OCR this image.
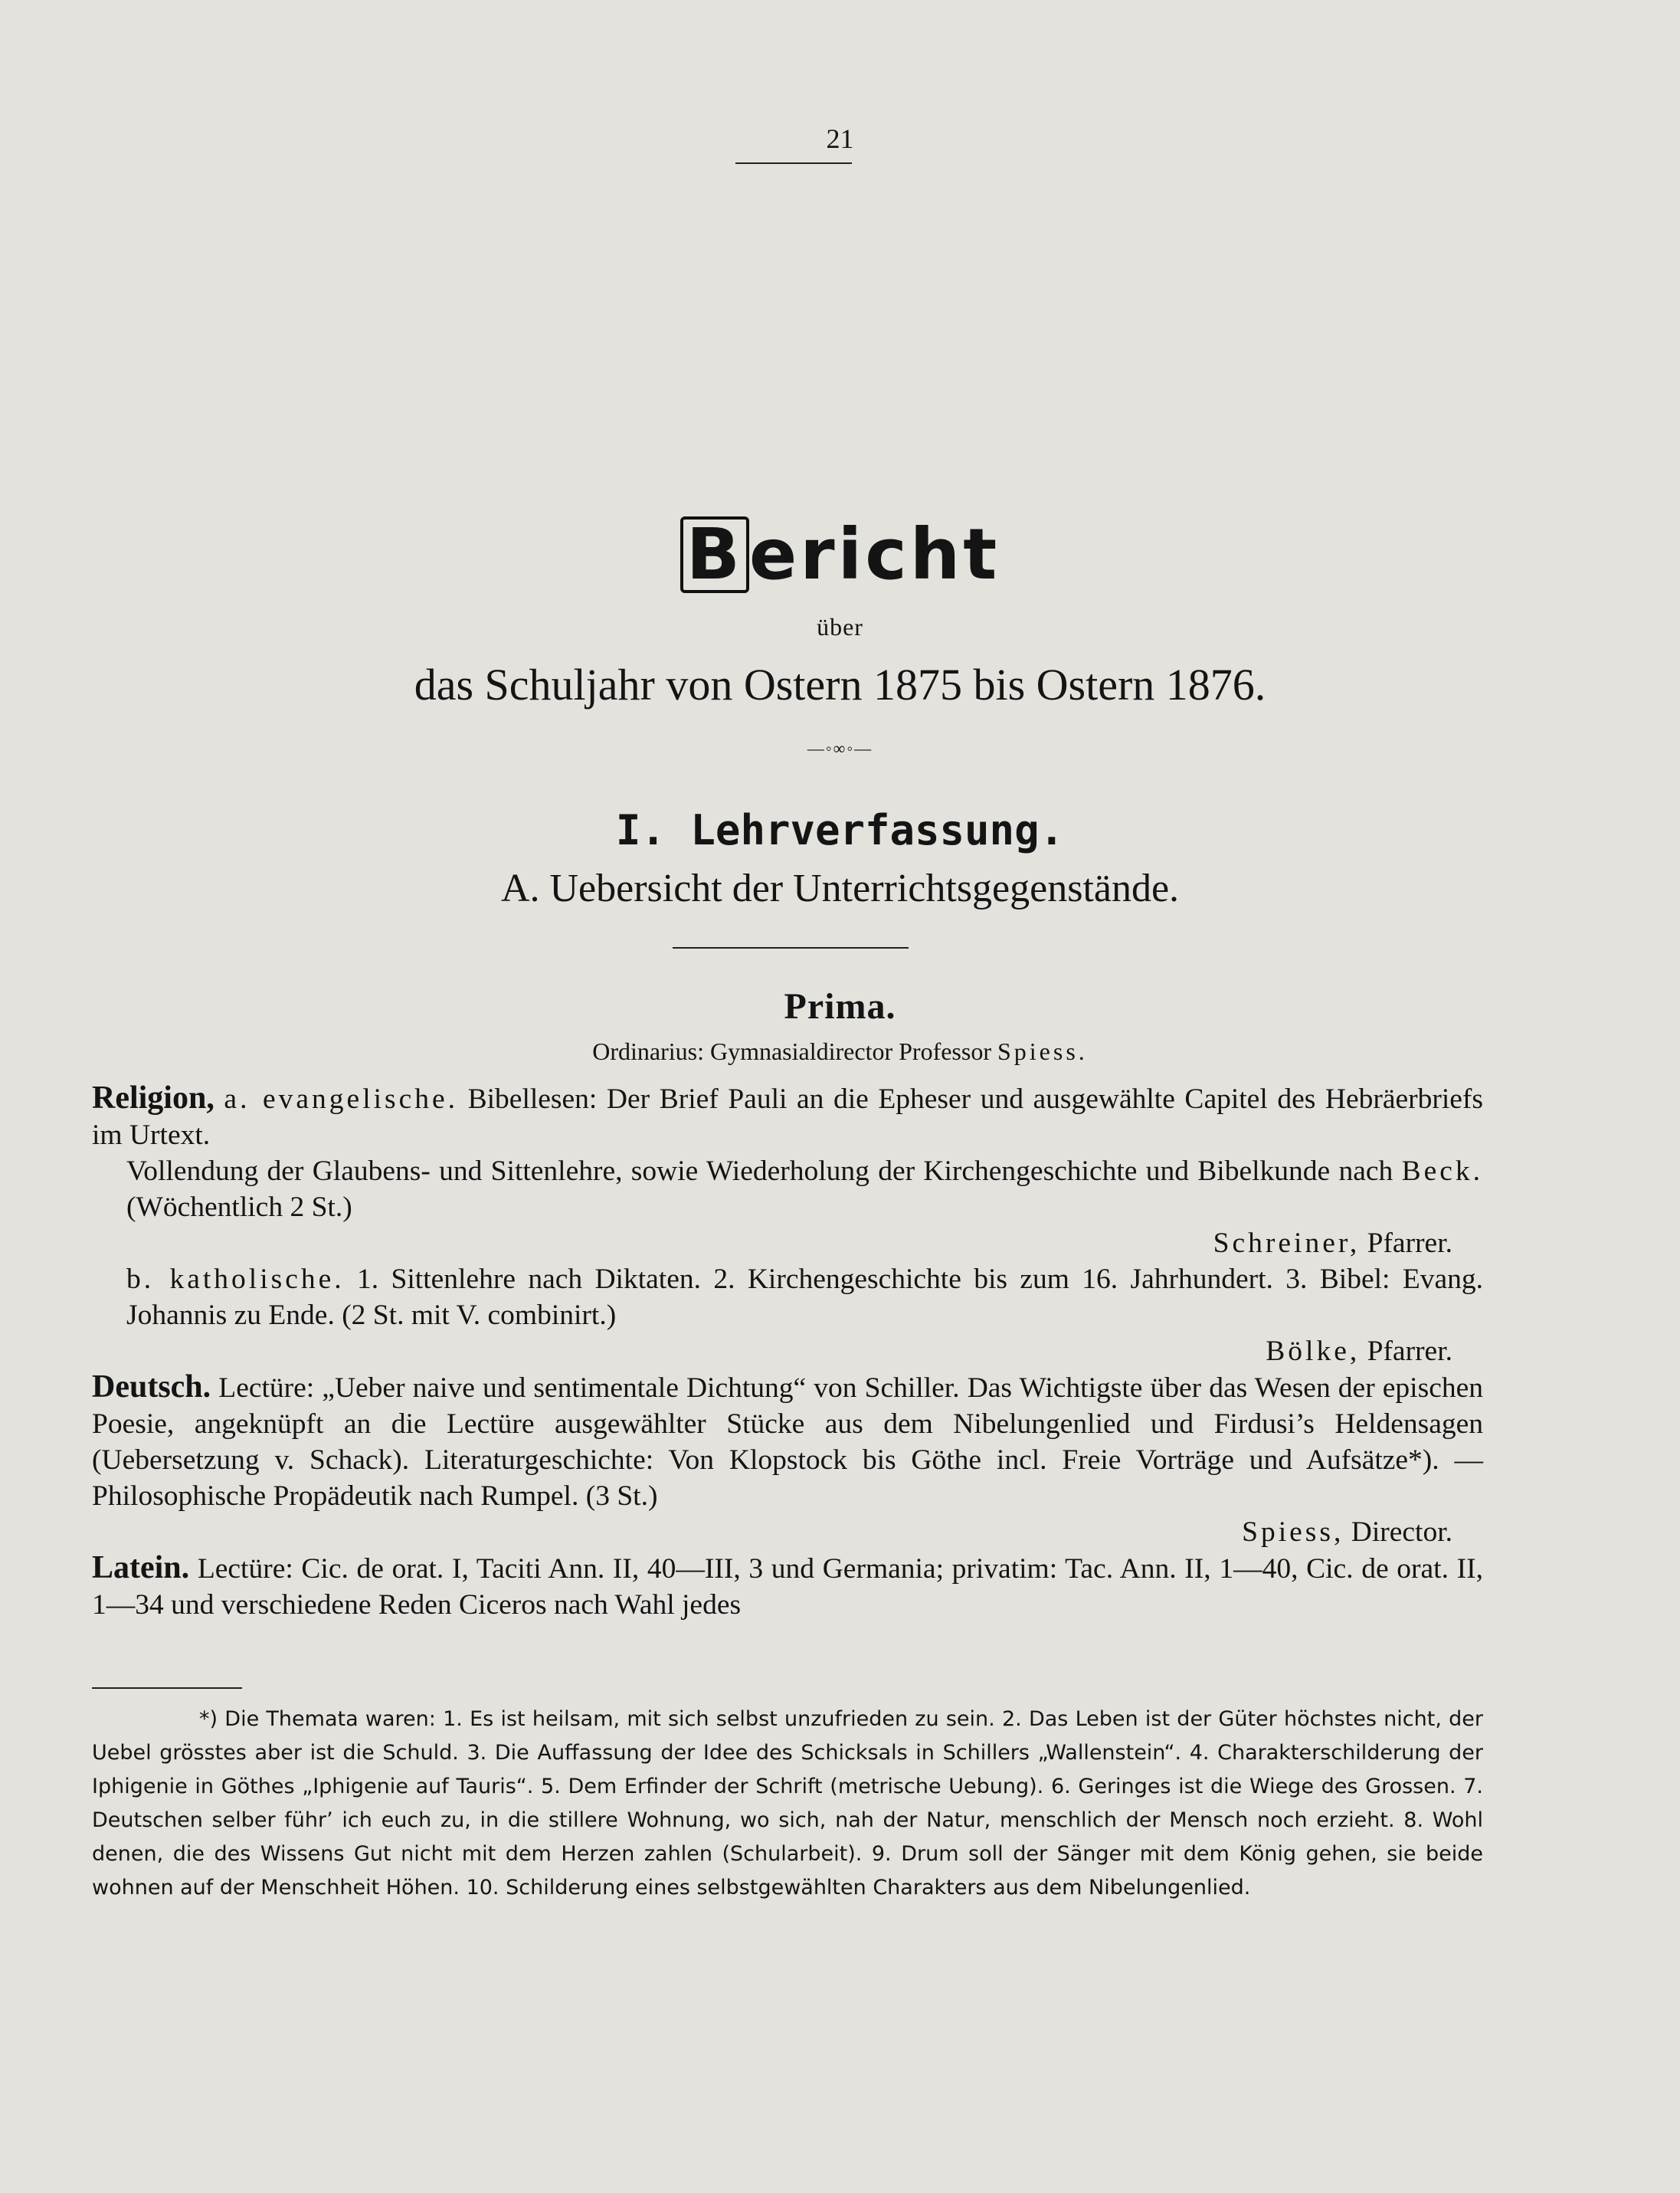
21
Bericht
über
das Schuljahr von Ostern 1875 bis Ostern 1876.
—◦∞◦—
I. Lehrverfassung.
A. Uebersicht der Unterrichtsgegenstände.
Prima.
Ordinarius: Gymnasialdirector Professor Spiess.

Religion, a. evangelische. Bibellesen: Der Brief Pauli an die Epheser und ausgewählte Capitel des Hebräerbriefs im Urtext.

Vollendung der Glaubens- und Sittenlehre, sowie Wiederholung der Kirchengeschichte und Bibelkunde nach Beck. (Wöchentlich 2 St.)

Schreiner, Pfarrer.

b. katholische. 1. Sittenlehre nach Diktaten. 2. Kirchengeschichte bis zum 16. Jahrhundert. 3. Bibel: Evang. Johannis zu Ende. (2 St. mit V. combinirt.)

Bölke, Pfarrer.

Deutsch. Lectüre: „Ueber naive und sentimentale Dichtung“ von Schiller. Das Wichtigste über das Wesen der epischen Poesie, angeknüpft an die Lectüre ausgewählter Stücke aus dem Nibelungenlied und Firdusi’s Heldensagen (Uebersetzung v. Schack). Literaturgeschichte: Von Klopstock bis Göthe incl. Freie Vorträge und Aufsätze*). — Philosophische Propädeutik nach Rumpel. (3 St.)

Spiess, Director.

Latein. Lectüre: Cic. de orat. I, Taciti Ann. II, 40—III, 3 und Germania; privatim: Tac. Ann. II, 1—40, Cic. de orat. II, 1—34 und verschiedene Reden Ciceros nach Wahl jedes

*) Die Themata waren: 1. Es ist heilsam, mit sich selbst unzufrieden zu sein. 2. Das Leben ist der Güter höchstes nicht, der Uebel grösstes aber ist die Schuld. 3. Die Auffassung der Idee des Schicksals in Schillers „Wallenstein“. 4. Charakterschilderung der Iphigenie in Göthes „Iphigenie auf Tauris“. 5. Dem Erfinder der Schrift (metrische Uebung). 6. Geringes ist die Wiege des Grossen. 7. Deutschen selber führ’ ich euch zu, in die stillere Wohnung, wo sich, nah der Natur, menschlich der Mensch noch erzieht. 8. Wohl denen, die des Wissens Gut nicht mit dem Herzen zahlen (Schularbeit). 9. Drum soll der Sänger mit dem König gehen, sie beide wohnen auf der Menschheit Höhen. 10. Schilderung eines selbstgewählten Charakters aus dem Nibelungenlied.
